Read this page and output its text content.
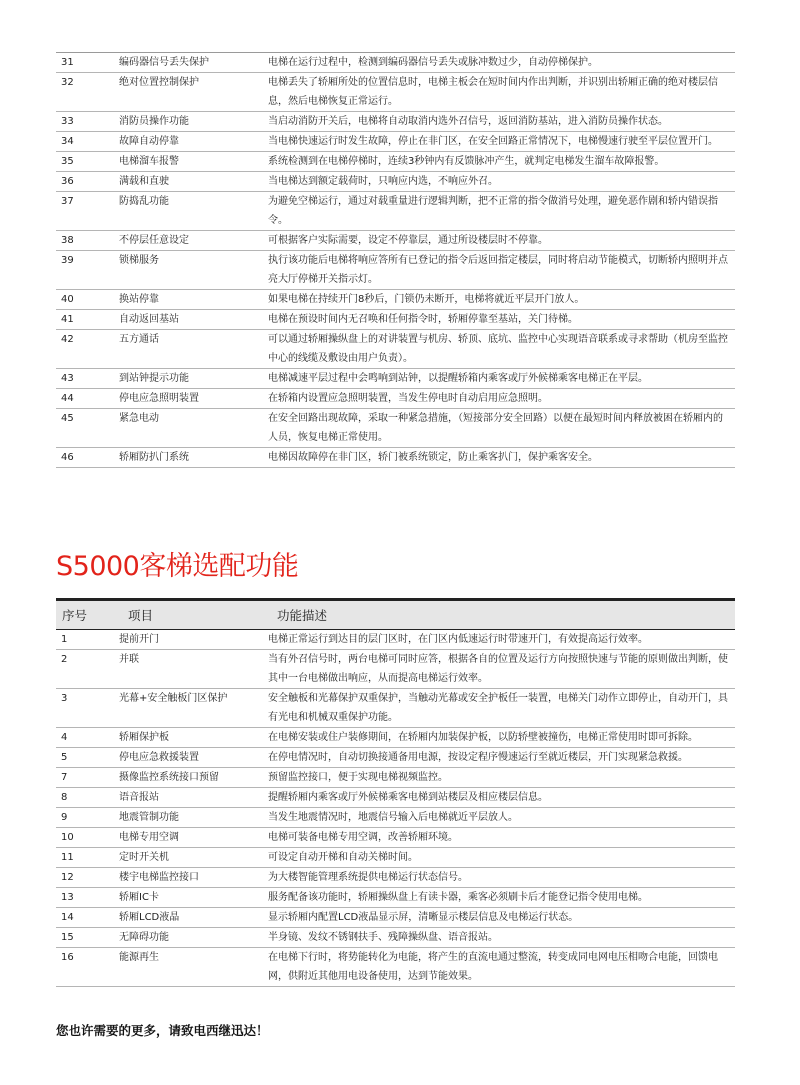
31	编码器信号丢失保护	电梯在运行过程中，检测到编码器信号丢失或脉冲数过少，自动停梯保护。
32	绝对位置控制保护	电梯丢失了轿厢所处的位置信息时，电梯主板会在短时间内作出判断，并识别出轿厢正确的绝对楼层信息，然后电梯恢复正常运行。
33	消防员操作功能	当启动消防开关后，电梯将自动取消内选外召信号，返回消防基站，进入消防员操作状态。
34	故障自动停靠	当电梯快速运行时发生故障，停止在非门区，在安全回路正常情况下，电梯慢速行驶至平层位置开门。
35	电梯溜车报警	系统检测到在电梯停梯时，连续3秒钟内有反馈脉冲产生，就判定电梯发生溜车故障报警。
36	满载和直驶	当电梯达到额定载荷时，只响应内选，不响应外召。
37	防捣乱功能	为避免空梯运行，通过对载重量进行逻辑判断，把不正常的指令做消号处理，避免恶作剧和轿内错误指令。
38	不停层任意设定	可根据客户实际需要，设定不停靠层，通过所设楼层时不停靠。
39	锁梯服务	执行该功能后电梯将响应答所有已登记的指令后返回指定楼层，同时将启动节能模式，切断轿内照明并点亮大厅停梯开关指示灯。
40	换站停靠	如果电梯在持续开门8秒后，门锁仍未断开，电梯将就近平层开门放人。
41	自动返回基站	电梯在预设时间内无召唤和任何指令时，轿厢停靠至基站，关门待梯。
42	五方通话	可以通过轿厢操纵盘上的对讲装置与机房、轿顶、底坑、监控中心实现语音联系或寻求帮助（机房至监控中心的线缆及敷设由用户负责）。
43	到站钟提示功能	电梯减速平层过程中会鸣响到站钟，以提醒轿箱内乘客或厅外候梯乘客电梯正在平层。
44	停电应急照明装置	在轿箱内设置应急照明装置，当发生停电时自动启用应急照明。
45	紧急电动	在安全回路出现故障，采取一种紧急措施，（短接部分安全回路）以便在最短时间内释放被困在轿厢内的人员，恢复电梯正常使用。
46	轿厢防扒门系统	电梯因故障停在非门区，轿门被系统锁定，防止乘客扒门，保护乘客安全。
S5000客梯选配功能
序号	项目	功能描述
1	提前开门	电梯正常运行到达目的层门区时，在门区内低速运行时带速开门，有效提高运行效率。
2	并联	当有外召信号时，两台电梯可同时应答，根据各自的位置及运行方向按照快速与节能的原则做出判断，使其中一台电梯做出响应，从而提高电梯运行效率。
3	光幕+安全触板门区保护	安全触板和光幕保护双重保护，当触动光幕或安全护板任一装置，电梯关门动作立即停止，自动开门，具有光电和机械双重保护功能。
4	轿厢保护板	在电梯安装或住户装修期间，在轿厢内加装保护板，以防轿壁被撞伤，电梯正常使用时即可拆除。
5	停电应急救援装置	在停电情况时，自动切换接通备用电源，按设定程序慢速运行至就近楼层，开门实现紧急救援。
7	摄像监控系统接口预留	预留监控接口，便于实现电梯视频监控。
8	语音报站	提醒轿厢内乘客或厅外候梯乘客电梯到站楼层及相应楼层信息。
9	地震管制功能	当发生地震情况时，地震信号输入后电梯就近平层放人。
10	电梯专用空调	电梯可装备电梯专用空调，改善轿厢环境。
11	定时开关机	可设定自动开梯和自动关梯时间。
12	楼宇电梯监控接口	为大楼智能管理系统提供电梯运行状态信号。
13	轿厢IC卡	服务配备该功能时，轿厢操纵盘上有读卡器，乘客必须刷卡后才能登记指令使用电梯。
14	轿厢LCD液晶	显示轿厢内配置LCD液晶显示屏，清晰显示楼层信息及电梯运行状态。
15	无障碍功能	半身镜、发纹不锈钢扶手、残障操纵盘、语音报站。
16	能源再生	在电梯下行时，将势能转化为电能，将产生的直流电通过整流，转变成同电网电压相吻合电能，回馈电网，供附近其他用电设备使用，达到节能效果。

您也许需要的更多，请致电西继迅达！
